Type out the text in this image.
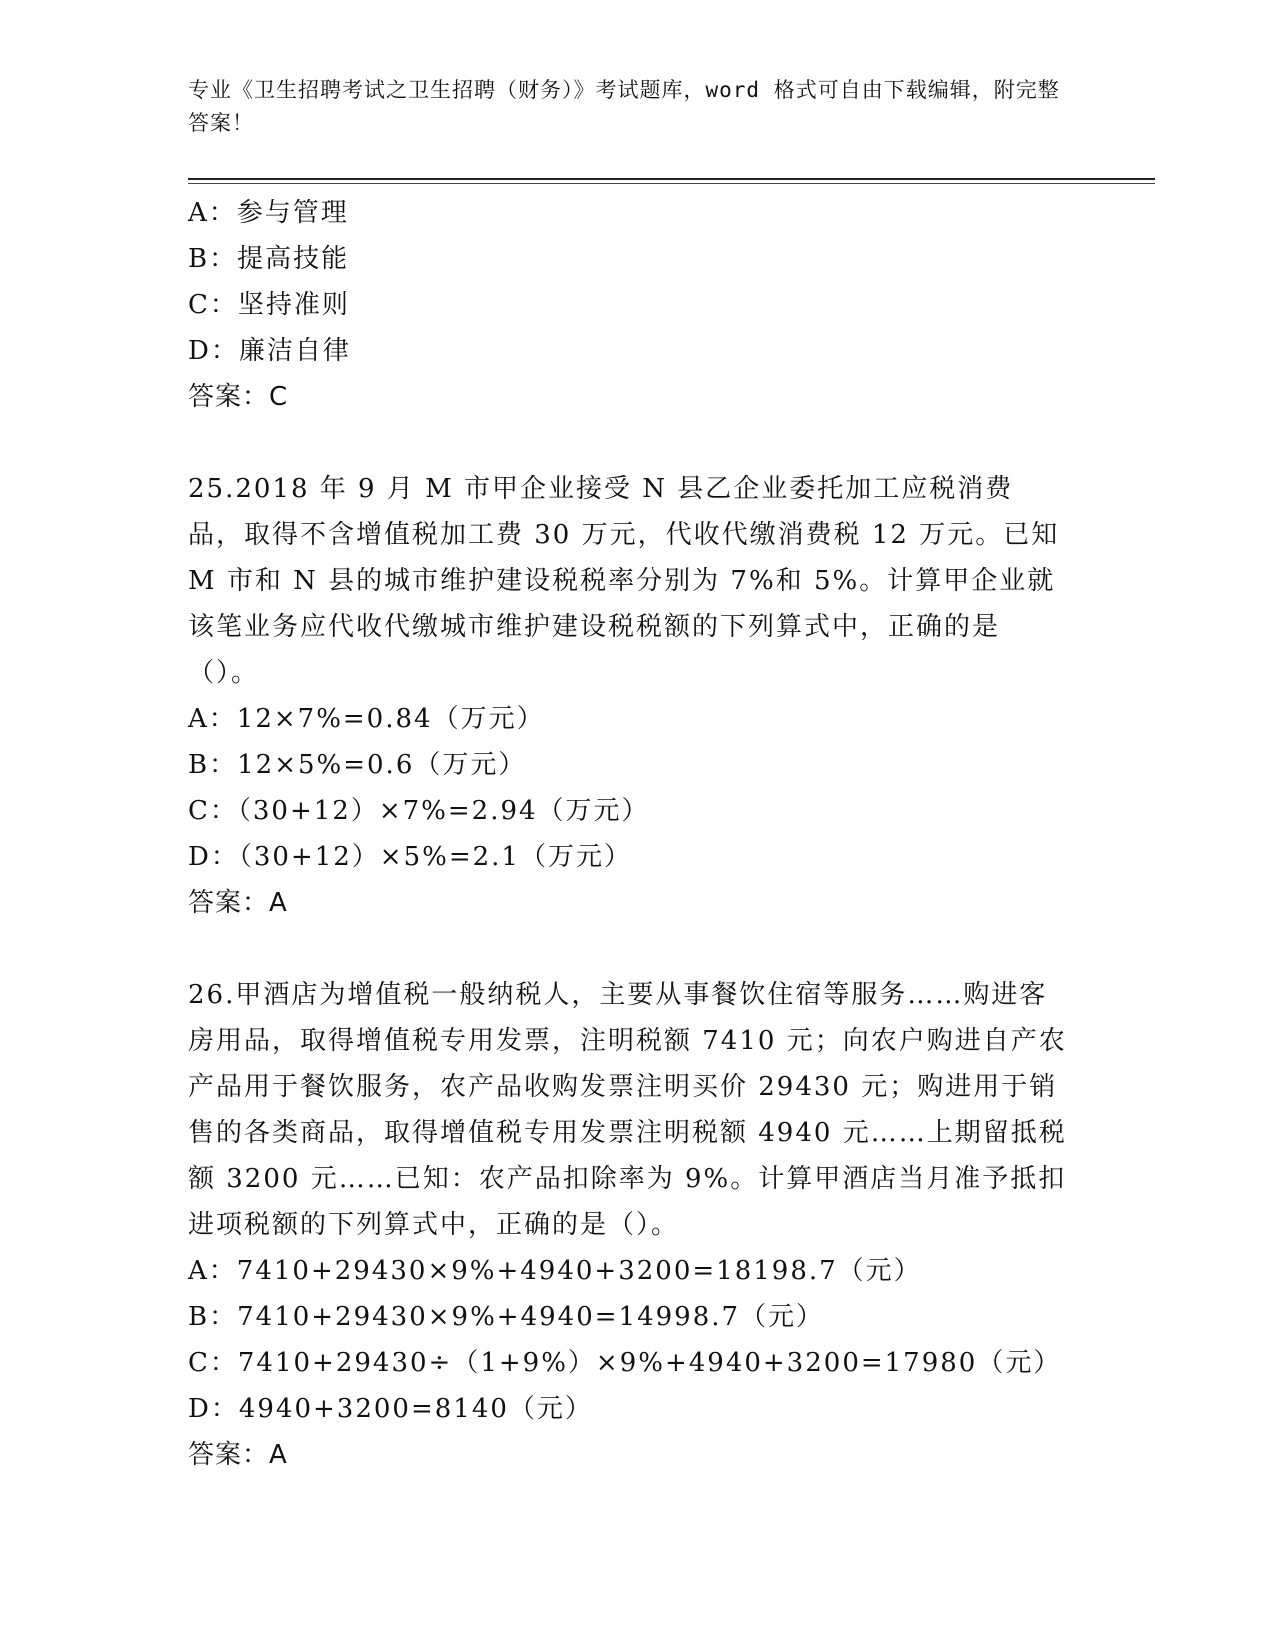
专业《卫生招聘考试之卫生招聘（财务）》考试题库，word 格式可自由下载编辑，附完整答案！
A：参与管理
B：提高技能
C：坚持准则
D：廉洁自律
答案：C
25.2018 年 9 月 M 市甲企业接受 N 县乙企业委托加工应税消费品，取得不含增值税加工费 30 万元，代收代缴消费税 12 万元。已知 M 市和 N 县的城市维护建设税税率分别为 7%和 5%。计算甲企业就该笔业务应代收代缴城市维护建设税税额的下列算式中，正确的是（）。
A：12×7%=0.84（万元）
B：12×5%=0.6（万元）
C：（30+12）×7%=2.94（万元）
D：（30+12）×5%=2.1（万元）
答案：A
26.甲酒店为增值税一般纳税人，主要从事餐饮住宿等服务……购进客房用品，取得增值税专用发票，注明税额 7410 元；向农户购进自产农产品用于餐饮服务，农产品收购发票注明买价 29430 元；购进用于销售的各类商品，取得增值税专用发票注明税额 4940 元……上期留抵税额 3200 元……已知：农产品扣除率为 9%。计算甲酒店当月准予抵扣进项税额的下列算式中，正确的是（）。
A：7410+29430×9%+4940+3200=18198.7（元）
B：7410+29430×9%+4940=14998.7（元）
C：7410+29430÷（1+9%）×9%+4940+3200=17980（元）
D：4940+3200=8140（元）
答案：A
